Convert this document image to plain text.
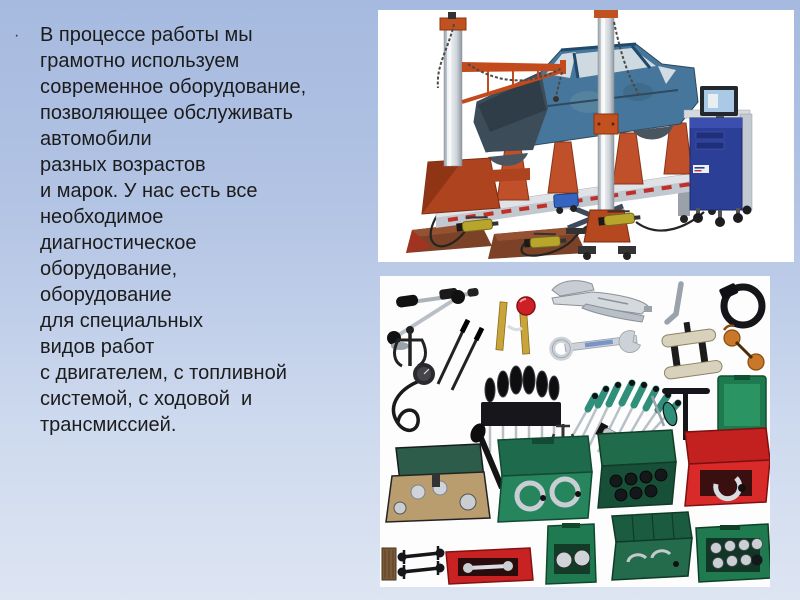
· В процессе работы мы
грамотно используем
современное оборудование,
позволяющее обслуживать
автомобили
разных возрастов
и марок. У нас есть все
необходимое
диагностическое
оборудование,
оборудование
для специальных
видов работ
с двигателем, с топливной
системой, с ходовой  и
трансмиссией.
